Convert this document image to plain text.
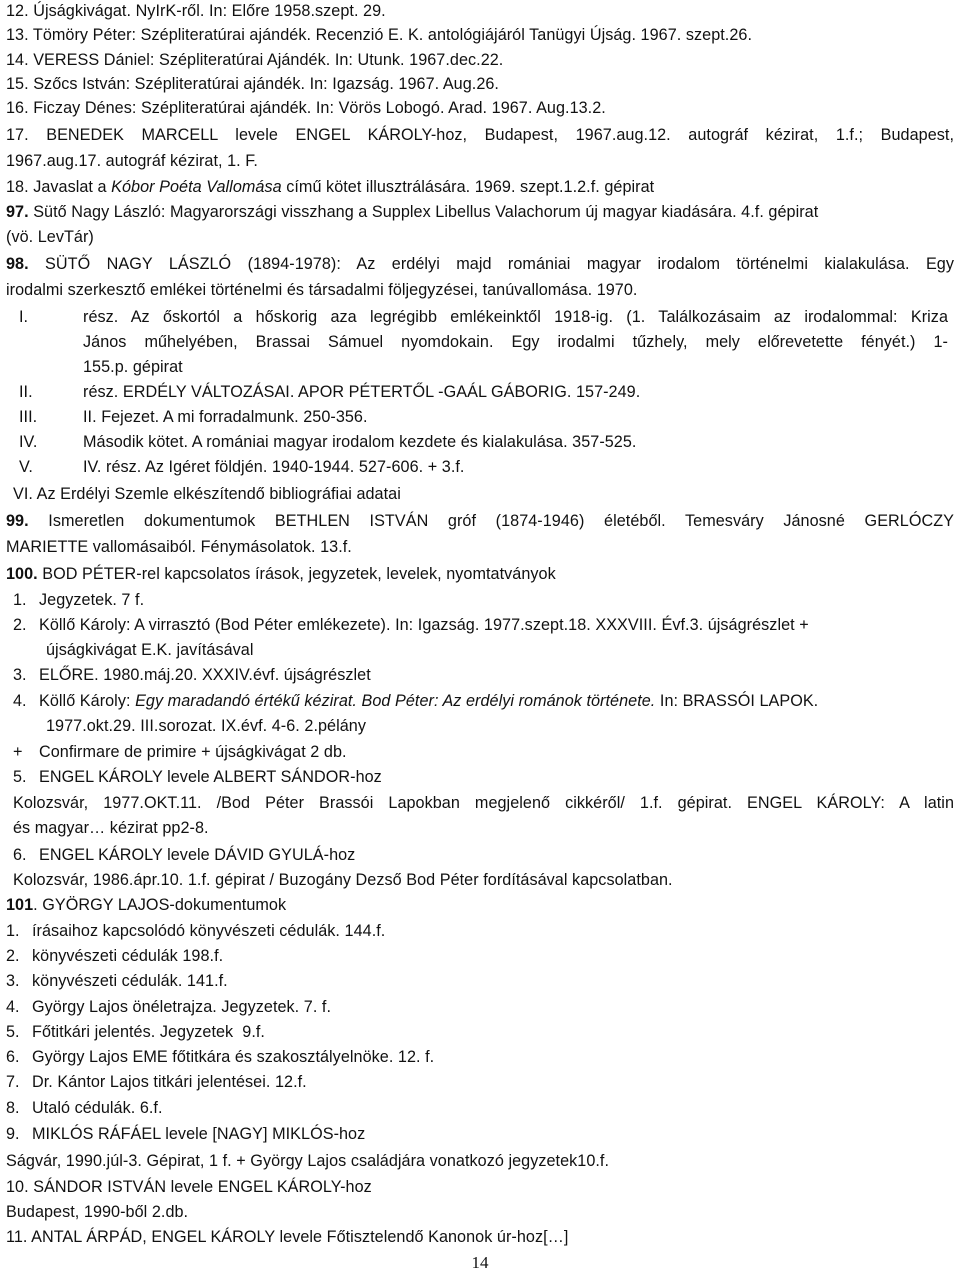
12. Újságkivágat. NyIrK-ről. In: Előre 1958.szept. 29.
13. Tömöry Péter: Szépliteratúrai ajándék. Recenzió E. K. antológiájáról Tanügyi Újság. 1967. szept.26.
14. VERESS Dániel: Szépliteratúrai Ajándék. In: Utunk. 1967.dec.22.
15. Szőcs István: Szépliteratúrai ajándék. In: Igazság. 1967. Aug.26.
16. Ficzay Dénes: Szépliteratúrai ajándék. In: Vörös Lobogó. Arad. 1967. Aug.13.2.
17. BENEDEK MARCELL levele ENGEL KÁROLY-hoz, Budapest, 1967.aug.12. autográf kézirat, 1.f.; Budapest,
1967.aug.17. autográf kézirat, 1. F.
18. Javaslat a Kóbor Poéta Vallomása című kötet illusztrálására. 1969. szept.1.2.f. gépirat
97. Sütő Nagy László: Magyarországi visszhang a Supplex Libellus Valachorum új magyar kiadására. 4.f. gépirat
(vö. LevTár)
98. SÜTŐ NAGY LÁSZLÓ (1894-1978): Az erdélyi majd romániai magyar irodalom történelmi kialakulása. Egy
irodalmi szerkesztő emlékei történelmi és társadalmi följegyzései, tanúvallomása. 1970.
I.	rész. Az őskortól a hőskorig aza legrégibb emlékeinktől 1918-ig. (1. Találkozásaim az irodalommal: Kriza
János műhelyében, Brassai Sámuel nyomdokain. Egy irodalmi tűzhely, mely előrevetette fényét.) 1-
155.p. gépirat
II.	rész. ERDÉLY VÁLTOZÁSAI. APOR PÉTERTŐL -GAÁL GÁBORIG. 157-249.
III.	II. Fejezet. A mi forradalmunk. 250-356.
IV.	Második kötet. A romániai magyar irodalom kezdete és kialakulása. 357-525.
V.	IV. rész. Az Igéret földjén. 1940-1944. 527-606. + 3.f.
VI. Az Erdélyi Szemle elkészítendő bibliográfiai adatai
99. Ismeretlen dokumentumok BETHLEN ISTVÁN gróf (1874-1946) életéből. Temesváry Jánosné GERLÓCZY
MARIETTE vallomásaiból. Fénymásolatok. 13.f.
100. BOD PÉTER-rel kapcsolatos írások, jegyzetek, levelek, nyomtatványok
1. Jegyzetek. 7 f.
2. Köllő Károly: A virrasztó (Bod Péter emlékezete). In: Igazság. 1977.szept.18. XXXVIII. Évf.3. újságrészlet +
újságkivágat E.K. javításával
3. ELŐRE. 1980.máj.20. XXXIV.évf. újságrészlet
4. Köllő Károly: Egy maradandó értékű kézirat. Bod Péter: Az erdélyi románok története. In: BRASSÓI LAPOK.
1977.okt.29. III.sorozat. IX.évf. 4-6. 2.pélány
+ Confirmare de primire + újságkivágat 2 db.
5. ENGEL KÁROLY levele ALBERT SÁNDOR-hoz
Kolozsvár, 1977.OKT.11. /Bod Péter Brassói Lapokban megjelenő cikkéről/ 1.f. gépirat. ENGEL KÁROLY: A latin
és magyar… kézirat pp2-8.
6. ENGEL KÁROLY levele DÁVID GYULÁ-hoz
Kolozsvár, 1986.ápr.10. 1.f. gépirat / Buzogány Dezső Bod Péter fordításával kapcsolatban.
101. GYÖRGY LAJOS-dokumentumok
1. írásaihoz kapcsolódó könyvészeti cédulák. 144.f.
2. könyvészeti cédulák 198.f.
3. könyvészeti cédulák. 141.f.
4. György Lajos önéletrajza. Jegyzetek. 7. f.
5. Főtitkári jelentés. Jegyzetek  9.f.
6. György Lajos EME főtitkára és szakosztályelnöke. 12. f.
7. Dr. Kántor Lajos titkári jelentései. 12.f.
8. Utaló cédulák. 6.f.
9. MIKLÓS RÁFÁEL levele [NAGY] MIKLÓS-hoz
Ságvár, 1990.júl-3. Gépirat, 1 f. + György Lajos családjára vonatkozó jegyzetek10.f.
10. SÁNDOR ISTVÁN levele ENGEL KÁROLY-hoz
Budapest, 1990-ből 2.db.
11. ANTAL ÁRPÁD, ENGEL KÁROLY levele Főtisztelendő Kanonok úr-hoz[…]
14
